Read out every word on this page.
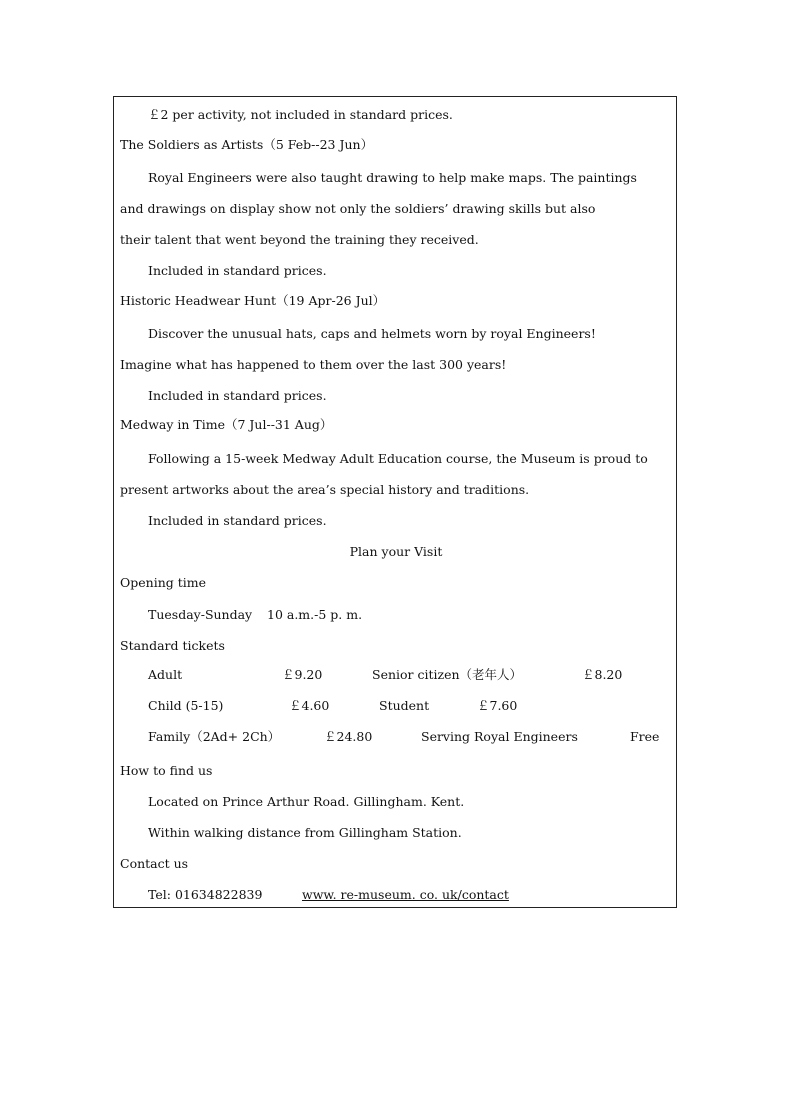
￡2 per activity, not included in standard prices.
The Soldiers as Artists（5 Feb--23 Jun）
Royal Engineers were also taught drawing to help make maps. The paintings
and drawings on display show not only the soldiers’ drawing skills but also
their talent that went beyond the training they received.
Included in standard prices.
Historic Headwear Hunt（19 Apr-26 Jul）
Discover the unusual hats, caps and helmets worn by royal Engineers!
Imagine what has happened to them over the last 300 years!
Included in standard prices.
Medway in Time（7 Jul--31 Aug）
Following a 15-week Medway Adult Education course, the Museum is proud to
present artworks about the area’s special history and traditions.
Included in standard prices.
Plan your Visit
Opening time
Tuesday-Sunday 10 a.m.-5 p. m.
Standard tickets
Adult	￡9.20	Senior citizen（老年人）	￡8.20
Child (5-15)	￡4.60	Student	￡7.60
Family（2Ad+ 2Ch）	￡24.80	Serving Royal Engineers	Free
How to find us
Located on Prince Arthur Road. Gillingham. Kent.
Within walking distance from Gillingham Station.
Contact us
Tel: 01634822839	www. re-museum. co. uk/contact
